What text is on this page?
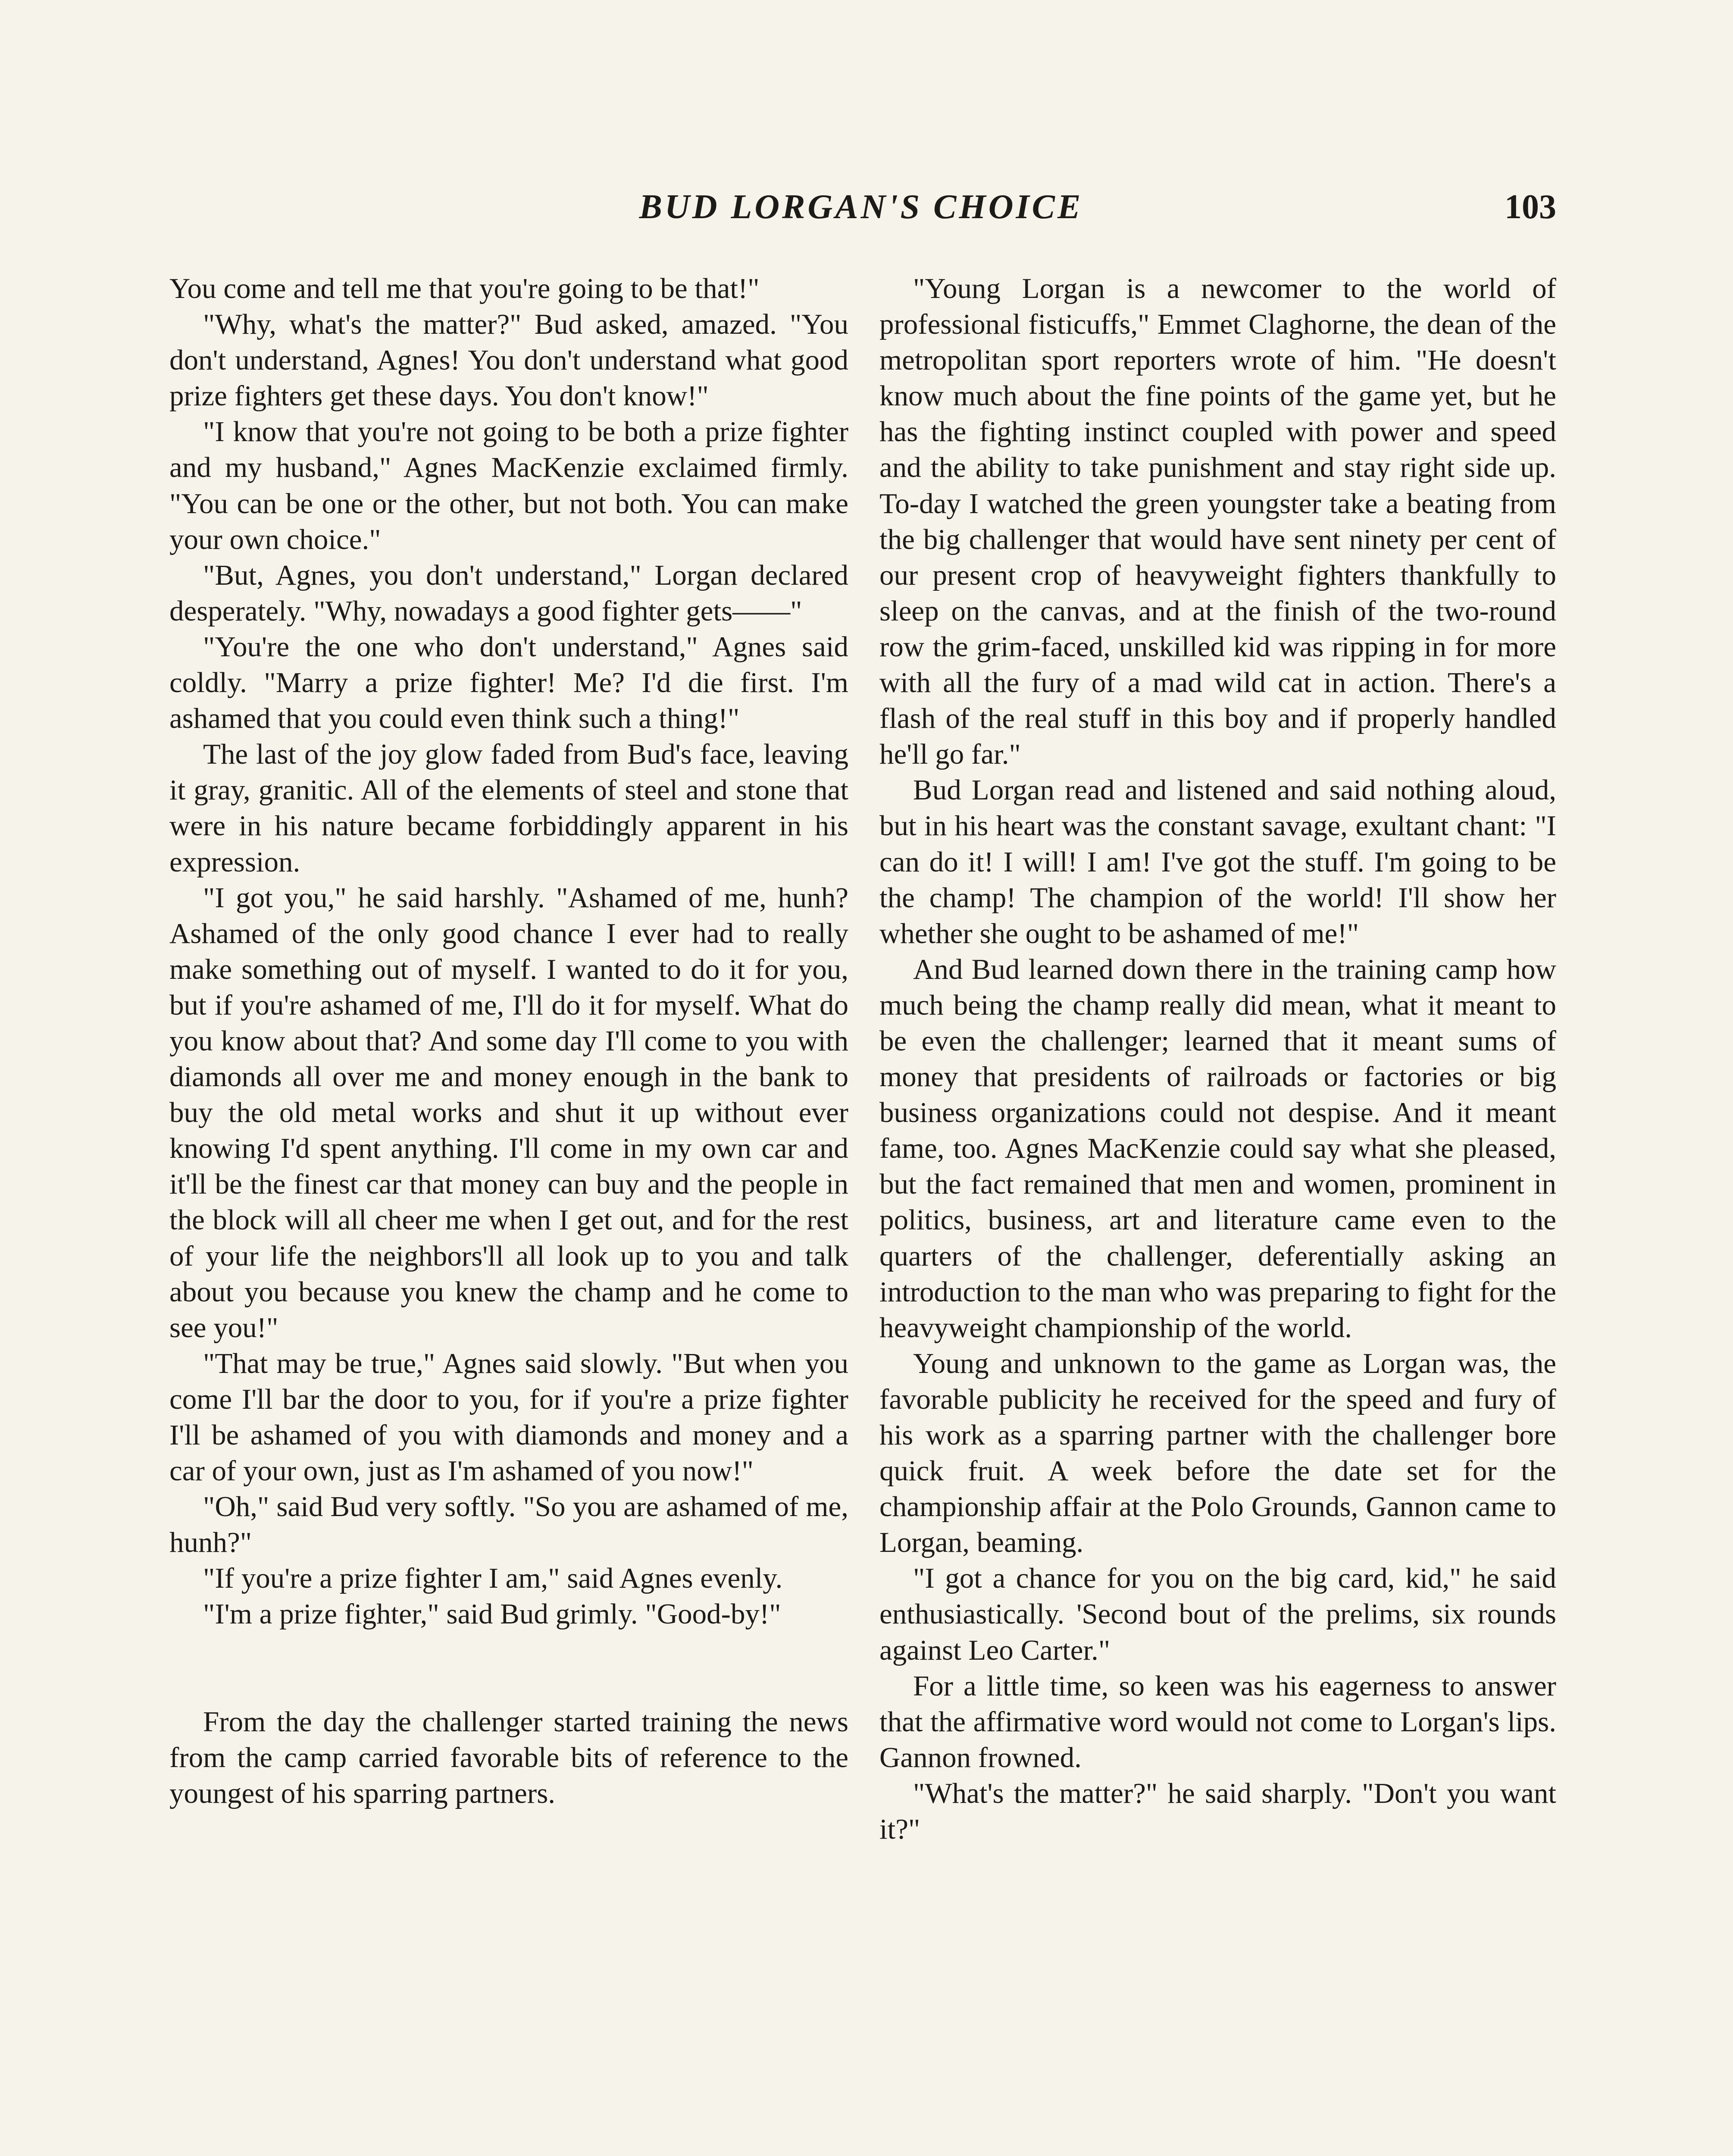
BUD LORGAN'S CHOICE	103

You come and tell me that you're going to be that!"

"Why, what's the matter?" Bud asked, amazed. "You don't understand, Agnes! You don't understand what good prize fighters get these days. You don't know!"

"I know that you're not going to be both a prize fighter and my husband," Agnes MacKenzie exclaimed firmly. "You can be one or the other, but not both. You can make your own choice."

"But, Agnes, you don't understand," Lorgan declared desperately. "Why, nowadays a good fighter gets——"

"You're the one who don't understand," Agnes said coldly. "Marry a prize fighter! Me? I'd die first. I'm ashamed that you could even think such a thing!"

The last of the joy glow faded from Bud's face, leaving it gray, granitic. All of the elements of steel and stone that were in his nature became forbiddingly apparent in his expression.

"I got you," he said harshly. "Ashamed of me, hunh? Ashamed of the only good chance I ever had to really make something out of myself. I wanted to do it for you, but if you're ashamed of me, I'll do it for myself. What do you know about that? And some day I'll come to you with diamonds all over me and money enough in the bank to buy the old metal works and shut it up without ever knowing I'd spent anything. I'll come in my own car and it'll be the finest car that money can buy and the people in the block will all cheer me when I get out, and for the rest of your life the neighbors'll all look up to you and talk about you because you knew the champ and he come to see you!"

"That may be true," Agnes said slowly. "But when you come I'll bar the door to you, for if you're a prize fighter I'll be ashamed of you with diamonds and money and a car of your own, just as I'm ashamed of you now!"

"Oh," said Bud very softly. "So you are ashamed of me, hunh?"

"If you're a prize fighter I am," said Agnes evenly.

"I'm a prize fighter," said Bud grimly. "Good-by!"

From the day the challenger started training the news from the camp carried favorable bits of reference to the youngest of his sparring partners.

"Young Lorgan is a newcomer to the world of professional fisticuffs," Emmet Claghorne, the dean of the metropolitan sport reporters wrote of him. "He doesn't know much about the fine points of the game yet, but he has the fighting instinct coupled with power and speed and the ability to take punishment and stay right side up. To-day I watched the green youngster take a beating from the big challenger that would have sent ninety per cent of our present crop of heavyweight fighters thankfully to sleep on the canvas, and at the finish of the two-round row the grim-faced, unskilled kid was ripping in for more with all the fury of a mad wild cat in action. There's a flash of the real stuff in this boy and if properly handled he'll go far."

Bud Lorgan read and listened and said nothing aloud, but in his heart was the constant savage, exultant chant: "I can do it! I will! I am! I've got the stuff. I'm going to be the champ! The champion of the world! I'll show her whether she ought to be ashamed of me!"

And Bud learned down there in the training camp how much being the champ really did mean, what it meant to be even the challenger; learned that it meant sums of money that presidents of railroads or factories or big business organizations could not despise. And it meant fame, too. Agnes MacKenzie could say what she pleased, but the fact remained that men and women, prominent in politics, business, art and literature came even to the quarters of the challenger, deferentially asking an introduction to the man who was preparing to fight for the heavyweight championship of the world.

Young and unknown to the game as Lorgan was, the favorable publicity he received for the speed and fury of his work as a sparring partner with the challenger bore quick fruit. A week before the date set for the championship affair at the Polo Grounds, Gannon came to Lorgan, beaming.

"I got a chance for you on the big card, kid," he said enthusiastically. 'Second bout of the prelims, six rounds against Leo Carter."

For a little time, so keen was his eagerness to answer that the affirmative word would not come to Lorgan's lips. Gannon frowned.

"What's the matter?" he said sharply. "Don't you want it?"
